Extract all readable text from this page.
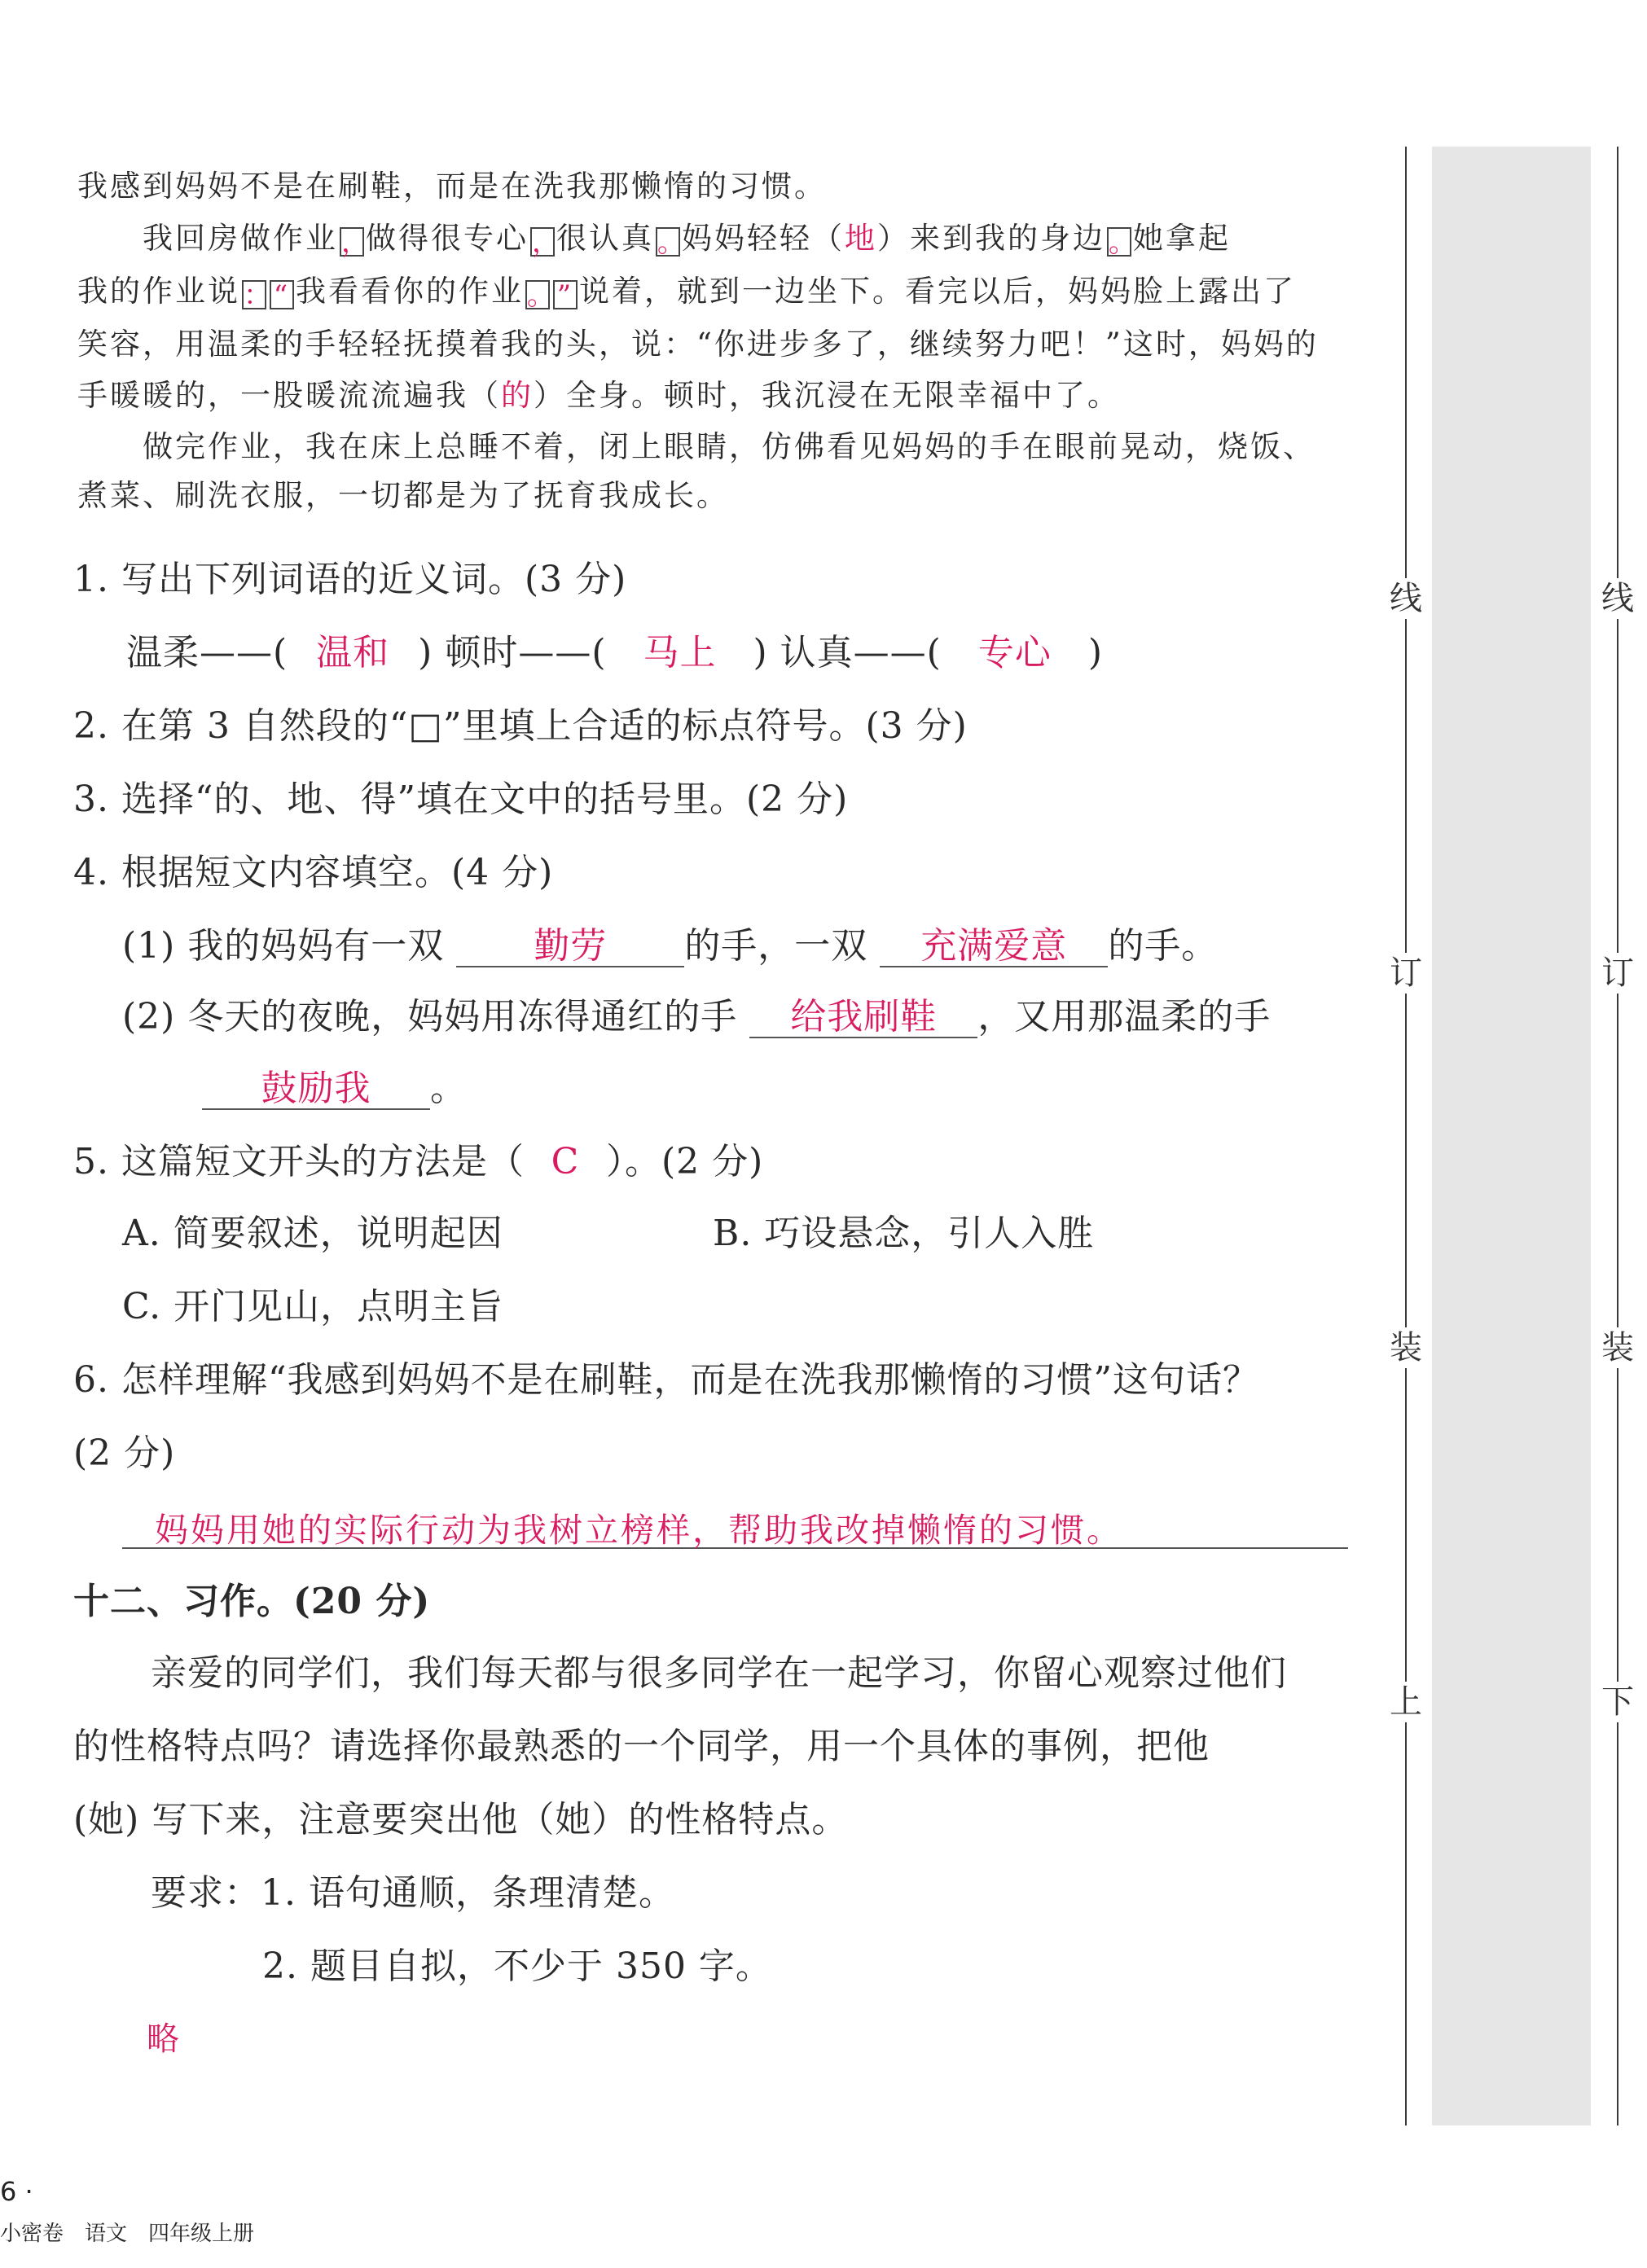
我感到妈妈不是在刷鞋，而是在洗我那懒惰的习惯。
我回房做作业 ，做得很专心 ，很认真 。妈妈轻轻（地）来到我的身边 。她拿起
我的作业说 ：“ 我看看你的作业 。” 说着，就到一边坐下。看完以后，妈妈脸上露出了
笑容，用温柔的手轻轻抚摸着我的头，说：“你进步多了，继续努力吧！”这时，妈妈的
手暖暖的，一股暖流流遍我（的）全身。顿时，我沉浸在无限幸福中了。
做完作业，我在床上总睡不着，闭上眼睛，仿佛看见妈妈的手在眼前晃动，烧饭、
煮菜、刷洗衣服，一切都是为了抚育我成长。
1. 写出下列词语的近义词。(3 分)
温柔——( 温和 ) 顿时——( 马上 ) 认真——( 专心 )
2. 在第 3 自然段的“□”里填上合适的标点符号。(3 分)
3. 选择“的、地、得”填在文中的括号里。(2 分)
4. 根据短文内容填空。(4 分)
(1) 我的妈妈有一双	勤劳 的手，一双 充满爱意 的手。
(2) 冬天的夜晚，妈妈用冻得通红的手 给我刷鞋 ，又用那温柔的手
鼓励我 。
5. 这篇短文开头的方法是（ C ）。(2 分)
A. 简要叙述，说明起因	B. 巧设悬念，引人入胜
C. 开门见山，点明主旨
6. 怎样理解“我感到妈妈不是在刷鞋，而是在洗我那懒惰的习惯”这句话？
(2 分)
妈妈用她的实际行动为我树立榜样，帮助我改掉懒惰的习惯。
十二、习作。(20 分)
亲爱的同学们，我们每天都与很多同学在一起学习，你留心观察过他们
的性格特点吗？请选择你最熟悉的一个同学，用一个具体的事例，把他
(她) 写下来，注意要突出他（她）的性格特点。
要求：1. 语句通顺，条理清楚。
2. 题目自拟，不少于 350 字。
略
线
订
装
上
线
订
装
下
6 ·
小密卷　语文　四年级上册
